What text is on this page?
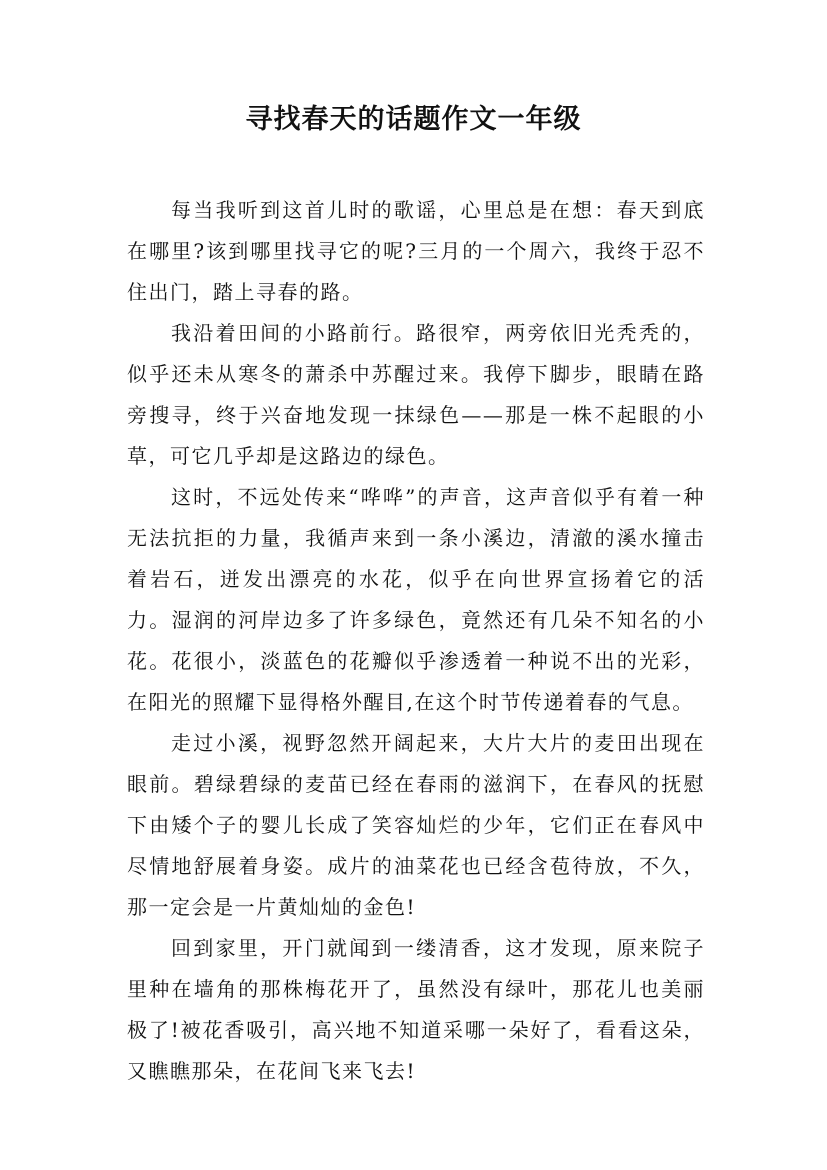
寻找春天的话题作文一年级

每当我听到这首儿时的歌谣，心里总是在想：春天到底在哪里?该到哪里找寻它的呢?三月的一个周六，我终于忍不住出门，踏上寻春的路。

我沿着田间的小路前行。路很窄，两旁依旧光秃秃的，似乎还未从寒冬的萧杀中苏醒过来。我停下脚步，眼睛在路旁搜寻，终于兴奋地发现一抹绿色——那是一株不起眼的小草，可它几乎却是这路边的绿色。

这时，不远处传来“哗哗”的声音，这声音似乎有着一种无法抗拒的力量，我循声来到一条小溪边，清澈的溪水撞击着岩石，迸发出漂亮的水花，似乎在向世界宣扬着它的活力。湿润的河岸边多了许多绿色，竟然还有几朵不知名的小花。花很小，淡蓝色的花瓣似乎渗透着一种说不出的光彩，在阳光的照耀下显得格外醒目,在这个时节传递着春的气息。

走过小溪，视野忽然开阔起来，大片大片的麦田出现在眼前。碧绿碧绿的麦苗已经在春雨的滋润下，在春风的抚慰下由矮个子的婴儿长成了笑容灿烂的少年，它们正在春风中尽情地舒展着身姿。成片的油菜花也已经含苞待放，不久，那一定会是一片黄灿灿的金色!

回到家里，开门就闻到一缕清香，这才发现，原来院子里种在墙角的那株梅花开了，虽然没有绿叶，那花儿也美丽极了!被花香吸引，高兴地不知道采哪一朵好了，看看这朵，又瞧瞧那朵，在花间飞来飞去!
